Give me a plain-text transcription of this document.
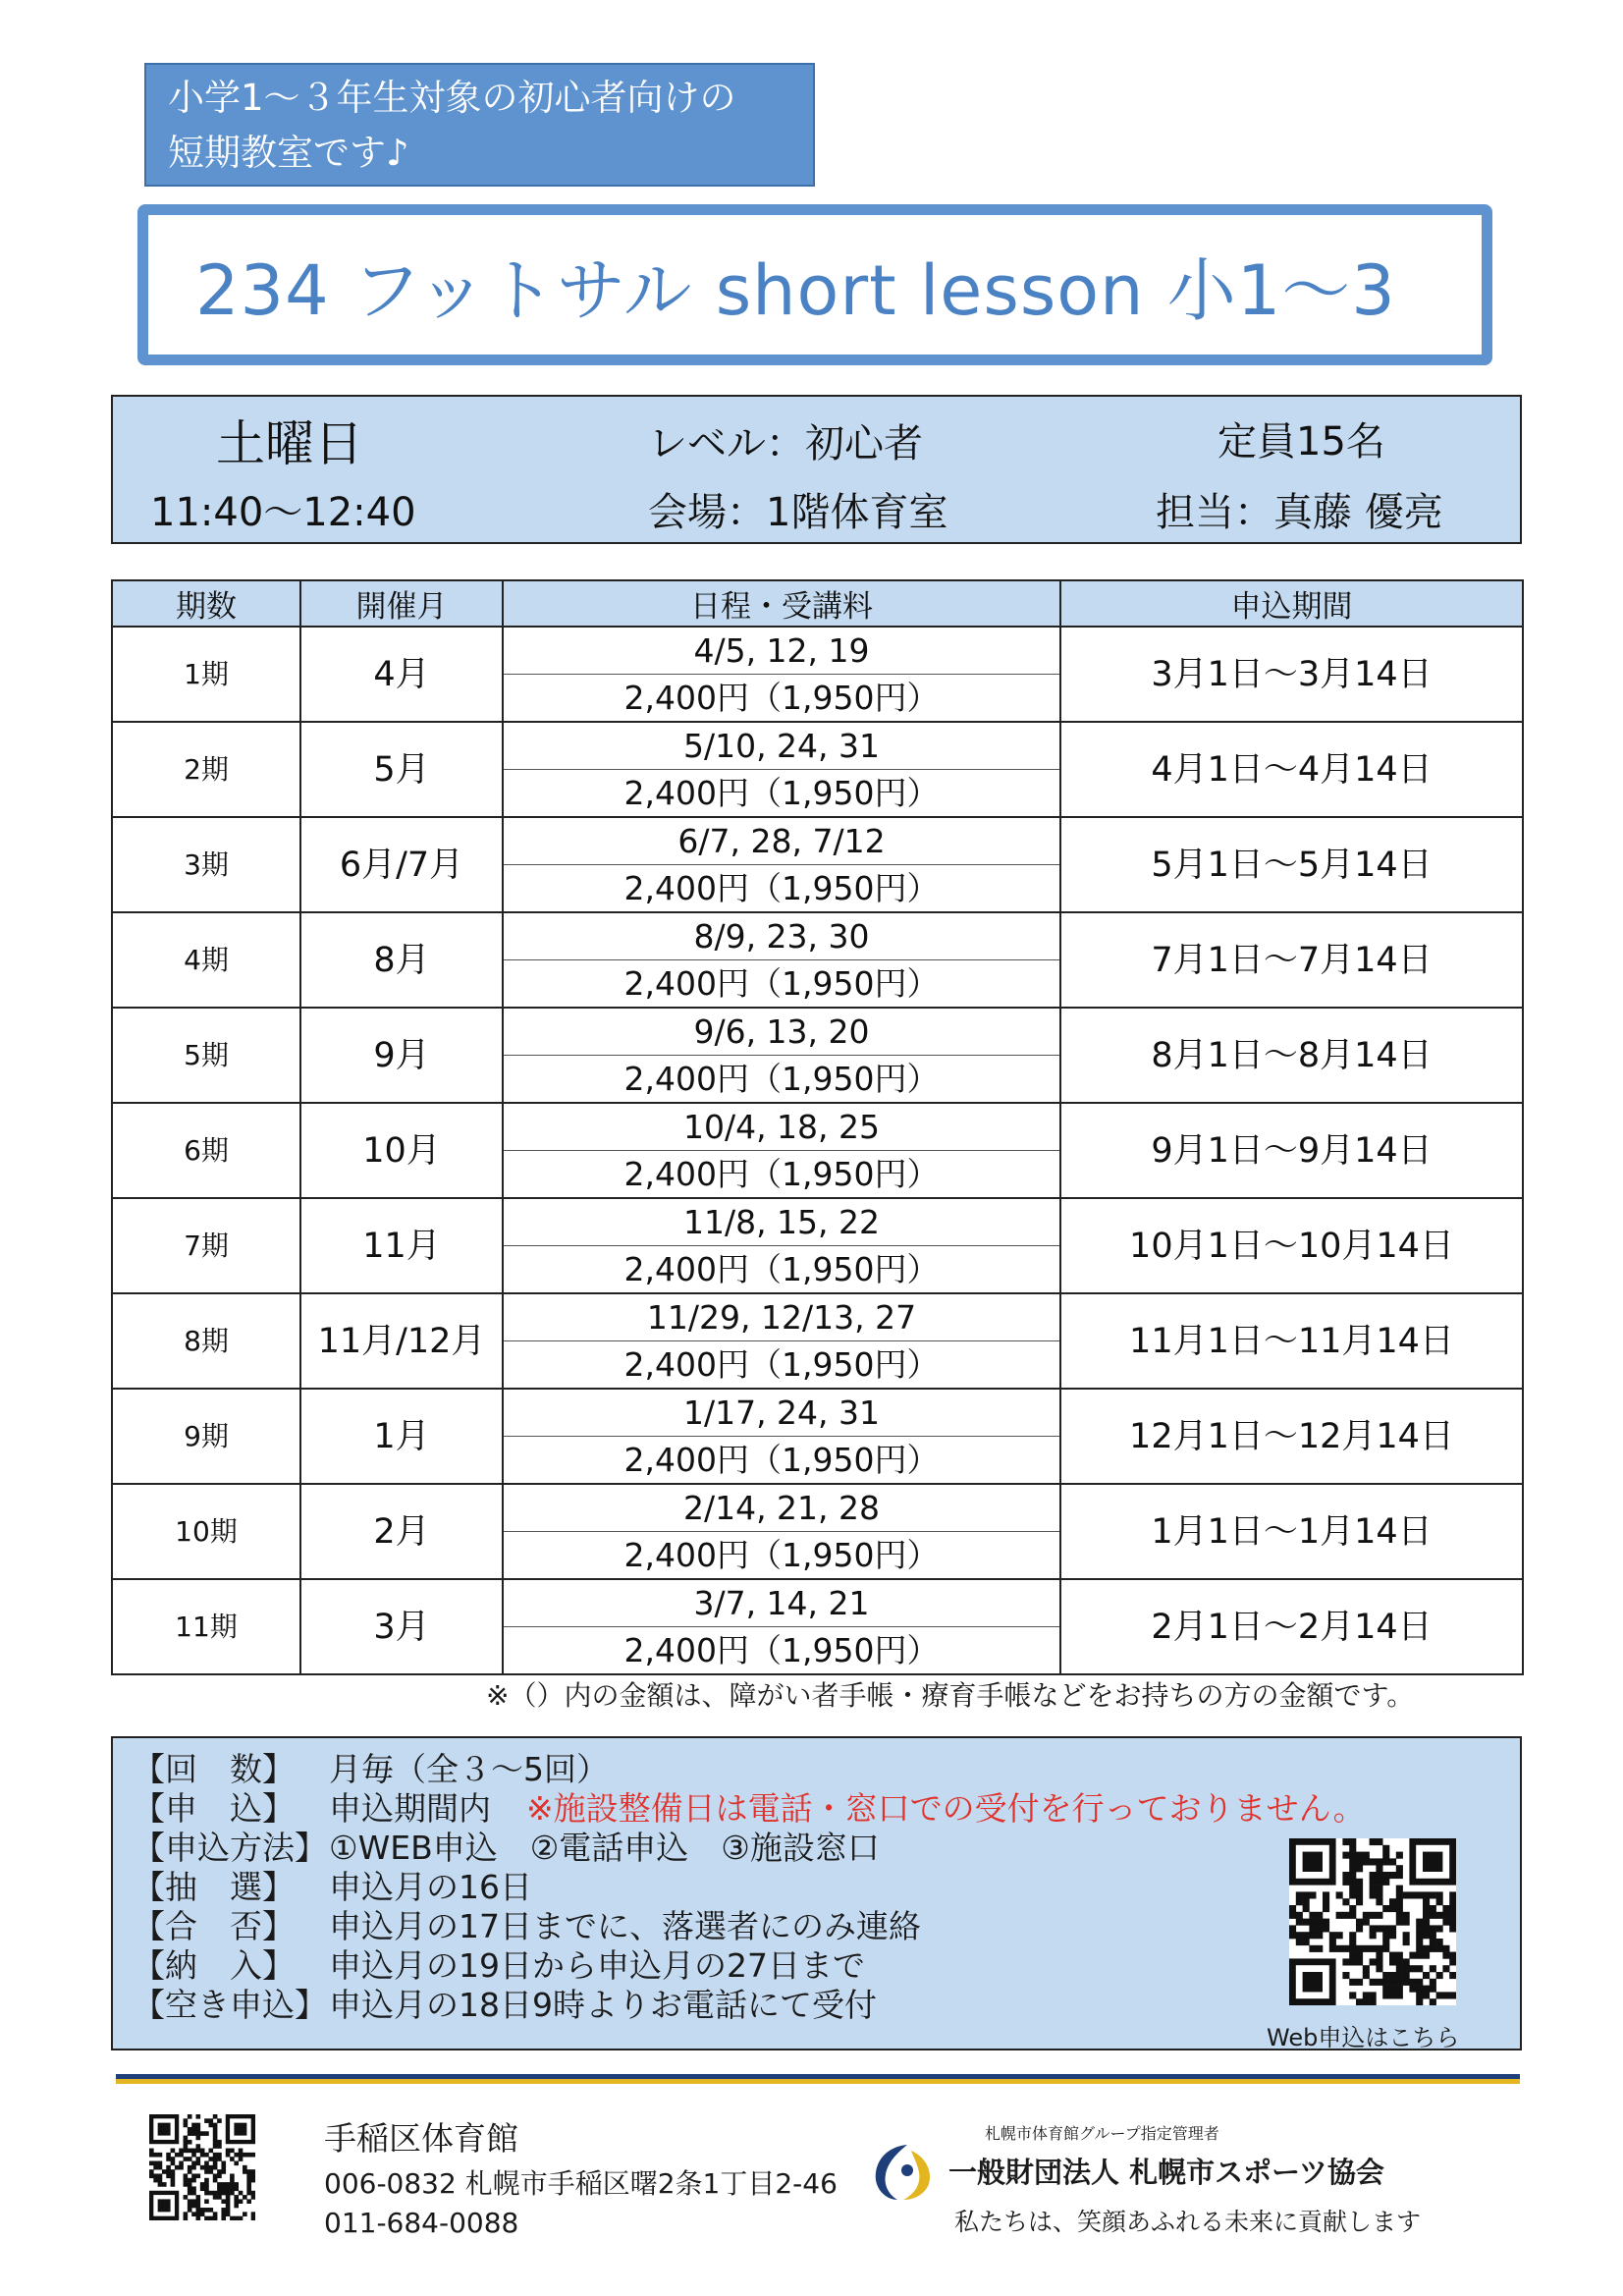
小学1～３年生対象の初心者向けの
短期教室です♪
234 フットサル short lesson 小1～3
土曜日
11:40～12:40
レベル：初心者
会場：1階体育室
定員15名
担当：真藤 優亮
期数	開催月	日程・受講料	申込期間
1期	4月	4/5, 12, 19	3月1日～3月14日
		2,400円（1,950円）	
2期	5月	5/10, 24, 31	4月1日～4月14日
		2,400円（1,950円）	
3期	6月/7月	6/7, 28, 7/12	5月1日～5月14日
		2,400円（1,950円）	
4期	8月	8/9, 23, 30	7月1日～7月14日
		2,400円（1,950円）	
5期	9月	9/6, 13, 20	8月1日～8月14日
		2,400円（1,950円）	
6期	10月	10/4, 18, 25	9月1日～9月14日
		2,400円（1,950円）	
7期	11月	11/8, 15, 22	10月1日～10月14日
		2,400円（1,950円）	
8期	11月/12月	11/29, 12/13, 27	11月1日～11月14日
		2,400円（1,950円）	
9期	1月	1/17, 24, 31	12月1日～12月14日
		2,400円（1,950円）	
10期	2月	2/14, 21, 28	1月1日～1月14日
		2,400円（1,950円）	
11期	3月	3/7, 14, 21	2月1日～2月14日
		2,400円（1,950円）	
※（）内の金額は、障がい者手帳・療育手帳などをお持ちの方の金額です。
【回　数】 月毎（全３～5回）
【申　込】 申込期間内 ※施設整備日は電話・窓口での受付を行っておりません。
【申込方法】①WEB申込　②電話申込　③施設窓口
【抽　選】 申込月の16日
【合　否】 申込月の17日までに、落選者にのみ連絡
【納　入】 申込月の19日から申込月の27日まで
【空き申込】申込月の18日9時よりお電話にて受付
Web申込はこちら
手稲区体育館
006-0832 札幌市手稲区曙2条1丁目2-46
011-684-0088
札幌市体育館グループ指定管理者
一般財団法人 札幌市スポーツ協会
私たちは、笑顔あふれる未来に貢献します
